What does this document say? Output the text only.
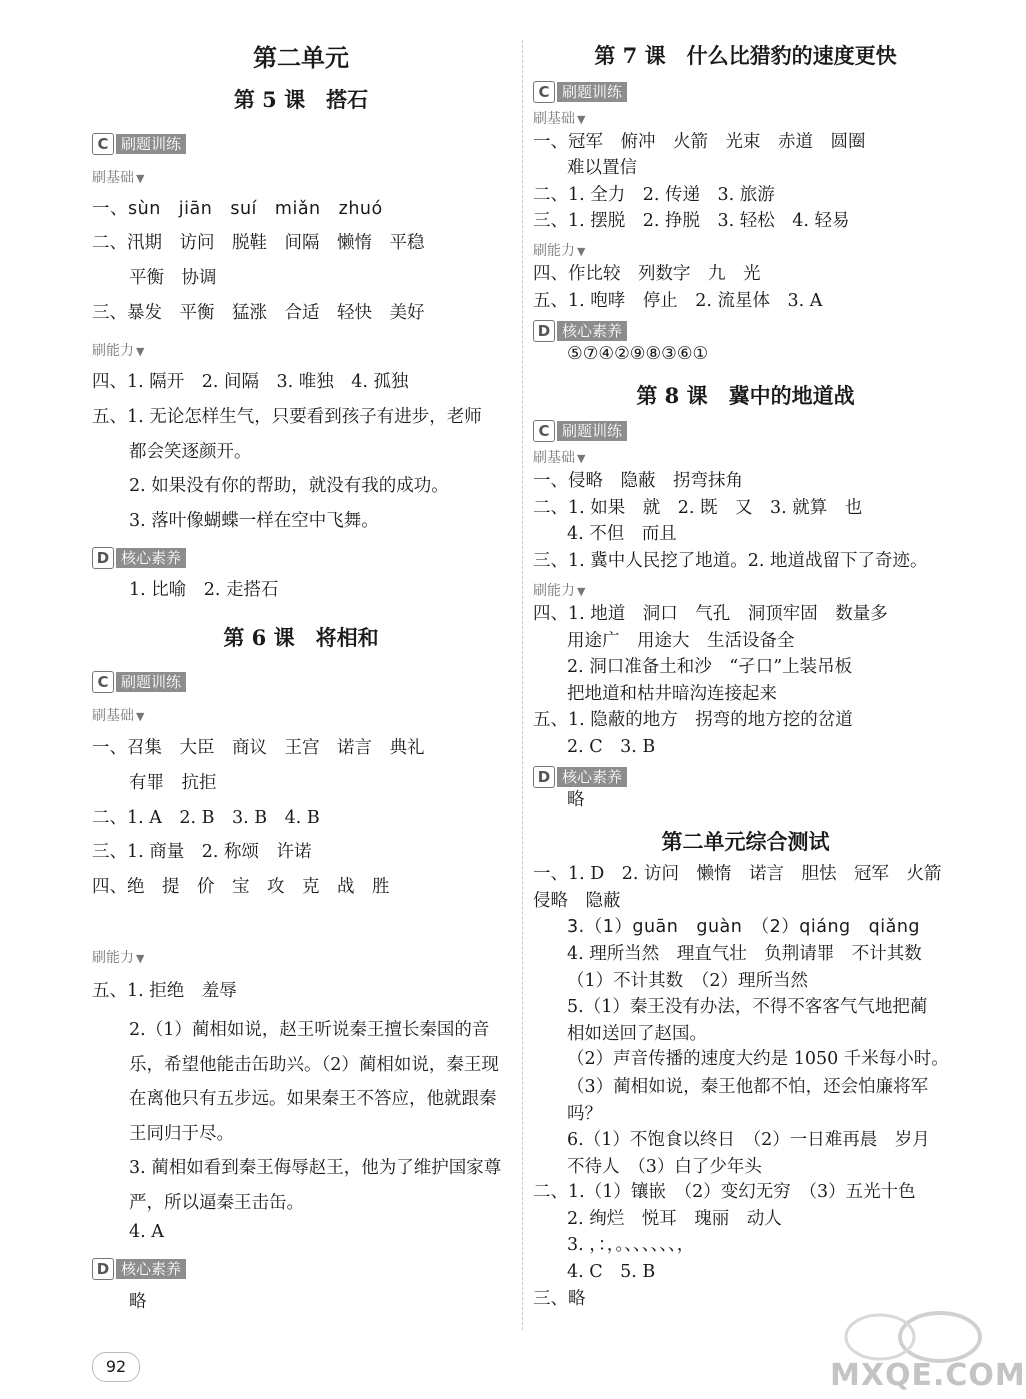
第二单元
第 5 课　搭石
C 刷题训练
刷基础 ▼
一、sùn　jiān　suí　miǎn　zhuó
二、汛期　访问　脱鞋　间隔　懒惰　平稳
平衡　协调
三、暴发　平衡　猛涨　合适　轻快　美好
刷能力 ▼
四、1. 隔开　2. 间隔　3. 唯独　4. 孤独
五、1. 无论怎样生气，只要看到孩子有进步，老师
都会笑逐颜开。
2. 如果没有你的帮助，就没有我的成功。
3. 落叶像蝴蝶一样在空中飞舞。
D 核心素养
1. 比喻　2. 走搭石
第 6 课　将相和
C 刷题训练
刷基础 ▼
一、召集　大臣　商议　王宫　诺言　典礼
有罪　抗拒
二、1. A　2. B　3. B　4. B
三、1. 商量　2. 称颂　许诺
四、绝　提　价　宝　攻　克　战　胜
刷能力 ▼
五、1. 拒绝　羞辱
2.（1）蔺相如说，赵王听说秦王擅长秦国的音乐，希望他能击缶助兴。（2）蔺相如说，秦王现在离他只有五步远。如果秦王不答应，他就跟秦王同归于尽。
3. 蔺相如看到秦王侮辱赵王，他为了维护国家尊严，所以逼秦王击缶。
4. A
D 核心素养
略
第 7 课　什么比猎豹的速度更快
C 刷题训练
刷基础 ▼
一、冠军　俯冲　火箭　光束　赤道　圆圈
难以置信
二、1. 全力　2. 传递　3. 旅游
三、1. 摆脱　2. 挣脱　3. 轻松　4. 轻易
刷能力 ▼
四、作比较　列数字　九　光
五、1. 咆哮　停止　2. 流星体　3. A
D 核心素养
⑤⑦④②⑨⑧③⑥①
第 8 课　冀中的地道战
C 刷题训练
刷基础 ▼
一、侵略　隐蔽　拐弯抹角
二、1. 如果　就　2. 既　又　3. 就算　也
4. 不但　而且
三、1. 冀中人民挖了地道。2. 地道战留下了奇迹。
刷能力 ▼
四、1. 地道　洞口　气孔　洞顶牢固　数量多
用途广　用途大　生活设备全
2. 洞口准备土和沙　“孑口”上装吊板
把地道和枯井暗沟连接起来
五、1. 隐蔽的地方　拐弯的地方挖的岔道
2. C　3. B
D 核心素养
略
第二单元综合测试
一、1. D　2. 访问　懒惰　诺言　胆怯　冠军　火箭　侵略　隐蔽
3.（1）guān　guàn　（2）qiáng　qiǎng
4. 理所当然　理直气壮　负荆请罪　不计其数　（1）不计其数　（2）理所当然
5.（1）秦王没有办法，不得不客客气气地把蔺相如送回了赵国。
（2）声音传播的速度大约是 1050 千米每小时。
（3）蔺相如说，秦王他都不怕，还会怕廉将军吗？
6.（1）不饱食以终日　（2）一日难再晨　岁月不待人　（3）白了少年头
二、1.（1）镶嵌　（2）变幻无穷　（3）五光十色
2. 绚烂　悦耳　瑰丽　动人
3. ，：，。、、、、、、，
4. C　5. B
三、略
92	MXQE.COM
